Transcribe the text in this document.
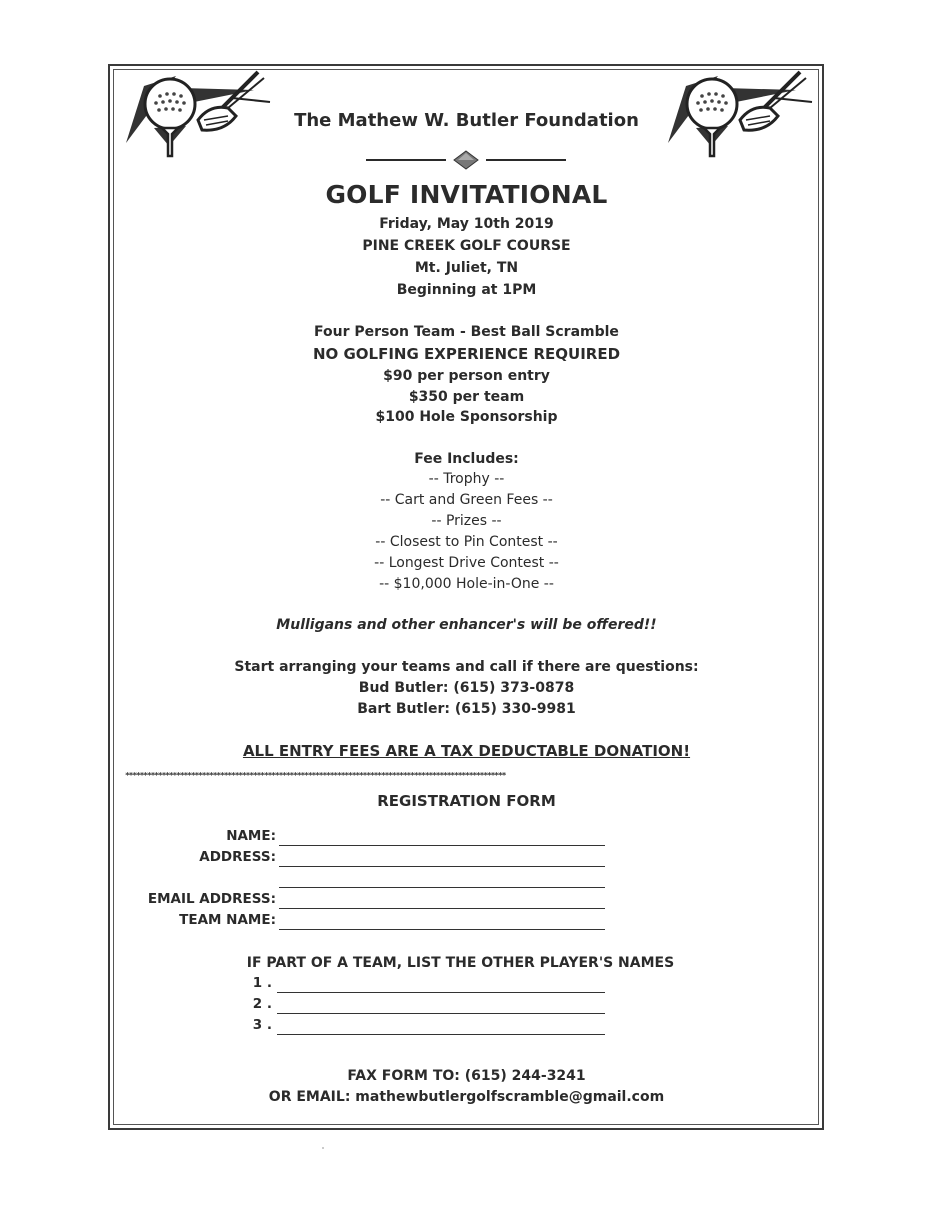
The Mathew W. Butler Foundation
GOLF INVITATIONAL
Friday, May 10th 2019
PINE CREEK GOLF COURSE
Mt. Juliet, TN
Beginning at 1PM
Four Person Team - Best Ball Scramble
NO GOLFING EXPERIENCE REQUIRED
$90 per person entry
$350 per team
$100 Hole Sponsorship
Fee Includes:
-- Trophy --
-- Cart and Green Fees --
-- Prizes --
-- Closest to Pin Contest --
-- Longest Drive Contest --
-- $10,000 Hole-in-One --
Mulligans and other enhancer's will be offered!!
Start arranging your teams and call if there are questions:
Bud Butler: (615) 373-0878
Bart Butler: (615) 330-9981
ALL ENTRY FEES ARE A TAX DEDUCTABLE DONATION!
********************************************************************************************************
REGISTRATION FORM
NAME:
ADDRESS:
EMAIL ADDRESS:
TEAM NAME:
IF PART OF A TEAM, LIST THE OTHER PLAYER'S NAMES
1 .
2 .
3 .
FAX FORM TO: (615) 244-3241
OR EMAIL: mathewbutlergolfscramble@gmail.com
